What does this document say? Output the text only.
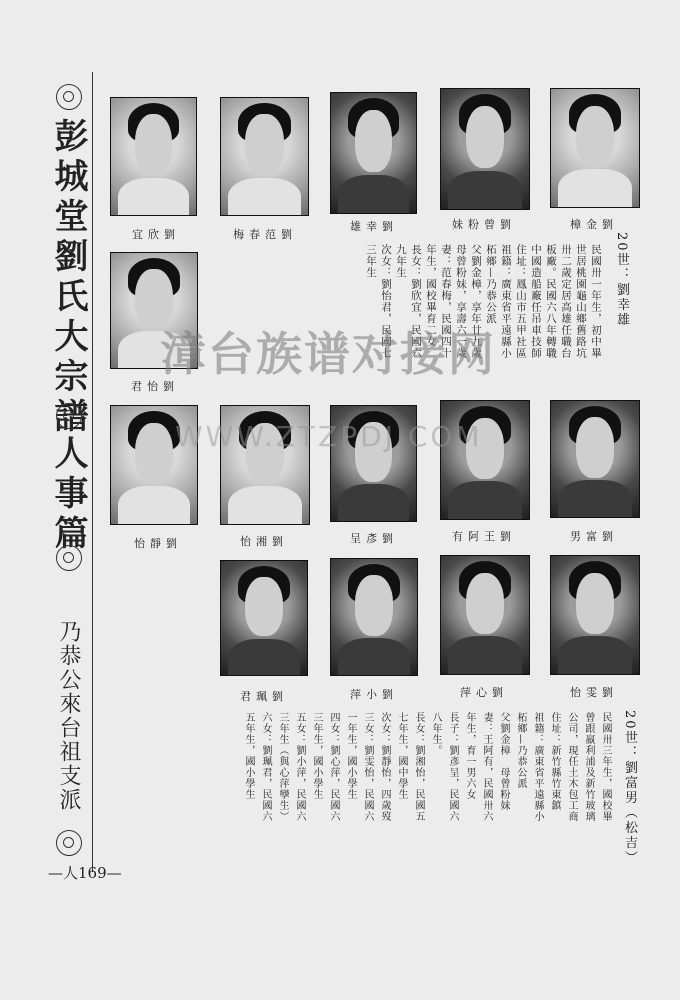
彭城堂劉氏大宗譜
人事篇
乃恭公來台祖支派
—人169—
宜欣劉	梅春范劉
雄幸劉	妹粉曾劉	樟金劉
君怡劉
20世：劉幸雄
民國卅一年生，初中畢
世居桃園龜山鄉舊路坑
卅二歲定居高雄任職台
板廠。民國六八年轉職
中國造船廠任吊車技師
住址：鳳山市五甲社區
祖籍：廣東省平遠縣小
柘鄉—乃恭公派
父劉金樟，享年廿九歲
母曾粉妹，享壽六一歲
妻：范春梅，民國四十
年生，國校畢育二女
長女：劉欣宜，民國六
九年生
次女：劉怡君，民國七
三年生
怡靜劉	怡湘劉	呈彥劉	有阿王劉	男富劉
君珮劉	萍小劉	萍心劉	怡雯劉
20世：劉富男（松吉）
民國卅三年生，國校畢
曾跟羸利浦及新竹玻璃
公司，現任土木包工商
住址：新竹縣竹東鎮
祖籍：廣東省平遠縣小
柘鄉—乃恭公派
父劉金樟　母曾粉妹
妻：王阿有，民國卅六
年生，育一男六女
長子：劉彥呈，民國六
八年生。
長女：劉湘怡，民國五
七年生，國中學生
次女：劉靜怡，四歲歿
三女：劉雯怡，民國六
一年生，國小學生
四女：劉心萍，民國六
三年生，國小學生
五女：劉小萍，民國六
三年生（與心萍孿生）
六女：劉珮君，民國六
五年生，國小學生
漳台族谱对接网
WWW.ZTZPDJ.COM
